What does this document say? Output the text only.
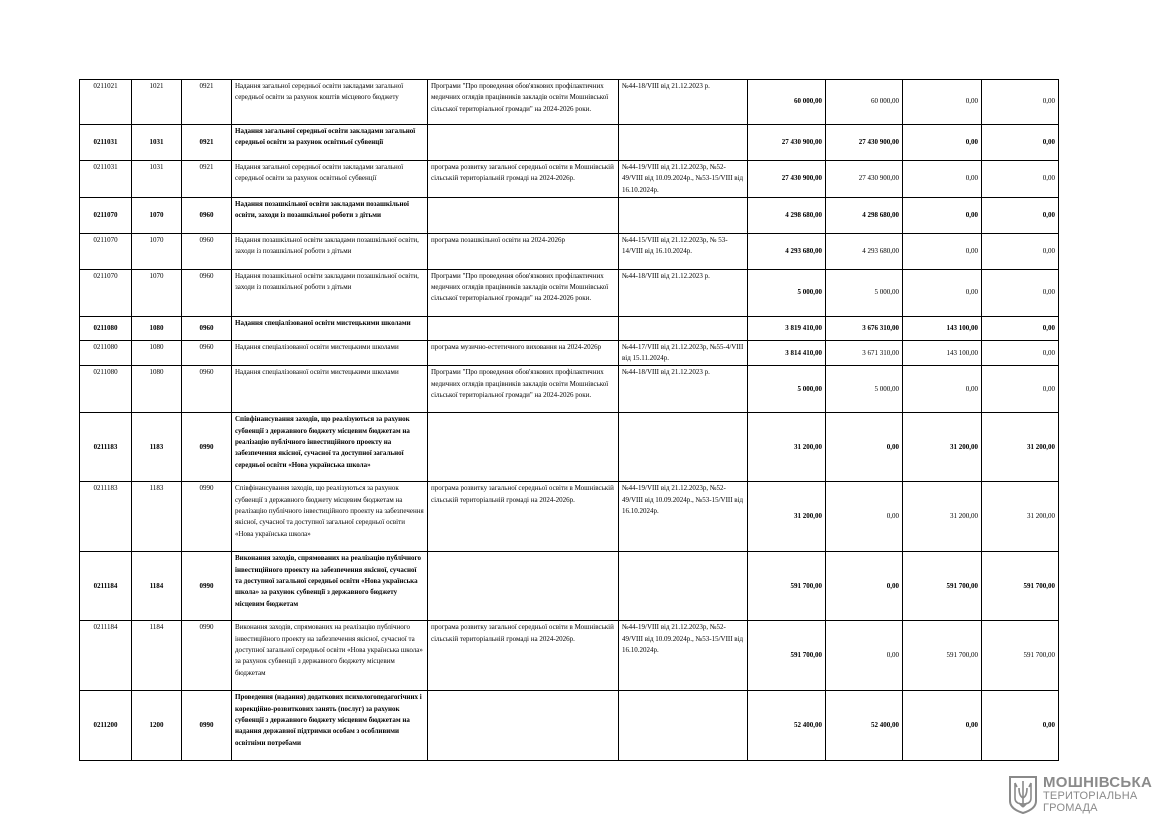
0211021	1021	0921	Надання загальної середньої освіти закладами загальної середньої освіти за рахунок коштів місцевого бюджету	Програми "Про проведення обов'язкових профілактичних медичних оглядів працівників закладів освіти Мошнівської сільської територіальної громади" на 2024-2026 роки.	№44-18/VIII від 21.12.2023 р.	60 000,00	60 000,00	0,00	0,00
0211031	1031	0921	Надання загальної середньої освіти закладами загальної середньої освіти за рахунок освітньої субвенції			27 430 900,00	27 430 900,00	0,00	0,00
0211031	1031	0921	Надання загальної середньої освіти закладами загальної середньої освіти за рахунок освітньої субвенції	програма розвитку загальної середньої освіти в Мошнівській сільській територіальній громаді на 2024-2026р.	№44-19/VIII від 21.12.2023р, №52-49/VIII від 10.09.2024р., №53-15/VIII від 16.10.2024р.	27 430 900,00	27 430 900,00	0,00	0,00
0211070	1070	0960	Надання позашкільної освіти закладами позашкільної освіти, заходи із позашкільної роботи з дітьми			4 298 680,00	4 298 680,00	0,00	0,00
0211070	1070	0960	Надання позашкільної освіти закладами позашкільної освіти, заходи із позашкільної роботи з дітьми	програма позашкільної освіти на 2024-2026р	№44-15/VIII від 21.12.2023р, № 53-14/VIII від 16.10.2024р.	4 293 680,00	4 293 680,00	0,00	0,00
0211070	1070	0960	Надання позашкільної освіти закладами позашкільної освіти, заходи із позашкільної роботи з дітьми	Програми "Про проведення обов'язкових профілактичних медичних оглядів працівників закладів освіти Мошнівської сільської територіальної громади" на 2024-2026 роки.	№44-18/VIII від 21.12.2023 р.	5 000,00	5 000,00	0,00	0,00
0211080	1080	0960	Надання спеціалізованої освіти мистецькими школами			3 819 410,00	3 676 310,00	143 100,00	0,00
0211080	1080	0960	Надання спеціалізованої освіти мистецькими школами	програма музично-естетичного виховання на 2024-2026р	№44-17/VIII від 21.12.2023р, №55-4/VIII від 15.11.2024р.	3 814 410,00	3 671 310,00	143 100,00	0,00
0211080	1080	0960	Надання спеціалізованої освіти мистецькими школами	Програми "Про проведення обов'язкових профілактичних медичних оглядів працівників закладів освіти Мошнівської сільської територіальної громади" на 2024-2026 роки.	№44-18/VIII від 21.12.2023 р.	5 000,00	5 000,00	0,00	0,00
0211183	1183	0990	Співфінансування заходів, що реалізуються за рахунок субвенції з державного бюджету місцевим бюджетам на реалізацію публічного інвестиційного проекту на забезпечення якісної, сучасної та доступної загальної середньої освіти «Нова українська школа»			31 200,00	0,00	31 200,00	31 200,00
0211183	1183	0990	Співфінансування заходів, що реалізуються за рахунок субвенції з державного бюджету місцевим бюджетам на реалізацію публічного інвестиційного проекту на забезпечення якісної, сучасної та доступної загальної середньої освіти «Нова українська школа»	програма розвитку загальної середньої освіти в Мошнівській сільській територіальній громаді на 2024-2026р.	№44-19/VIII від 21.12.2023р, №52-49/VIII від 10.09.2024р., №53-15/VIII від 16.10.2024р.	31 200,00	0,00	31 200,00	31 200,00
0211184	1184	0990	Виконання заходів, спрямованих на реалізацію публічного інвестиційного проекту на забезпечення якісної, сучасної та доступної загальної середньої освіти «Нова українська школа» за рахунок субвенції з державного бюджету місцевим бюджетам			591 700,00	0,00	591 700,00	591 700,00
0211184	1184	0990	Виконання заходів, спрямованих на реалізацію публічного інвестиційного проекту на забезпечення якісної, сучасної та доступної загальної середньої освіти «Нова українська школа» за рахунок субвенції з державного бюджету місцевим бюджетам	програма розвитку загальної середньої освіти в Мошнівській сільській територіальній громаді на 2024-2026р.	№44-19/VIII від 21.12.2023р, №52-49/VIII від 10.09.2024р., №53-15/VIII від 16.10.2024р.	591 700,00	0,00	591 700,00	591 700,00
0211200	1200	0990	Проведення (надання) додаткових психологопедагогічних і корекційно-розвиткових занять (послуг) за рахунок субвенції з державного бюджету місцевим бюджетам на надання державної підтримки особам з особливими освітніми потребами			52 400,00	52 400,00	0,00	0,00
МОШНІВСЬКА
ТЕРИТОРІАЛЬНА
ГРОМАДА
